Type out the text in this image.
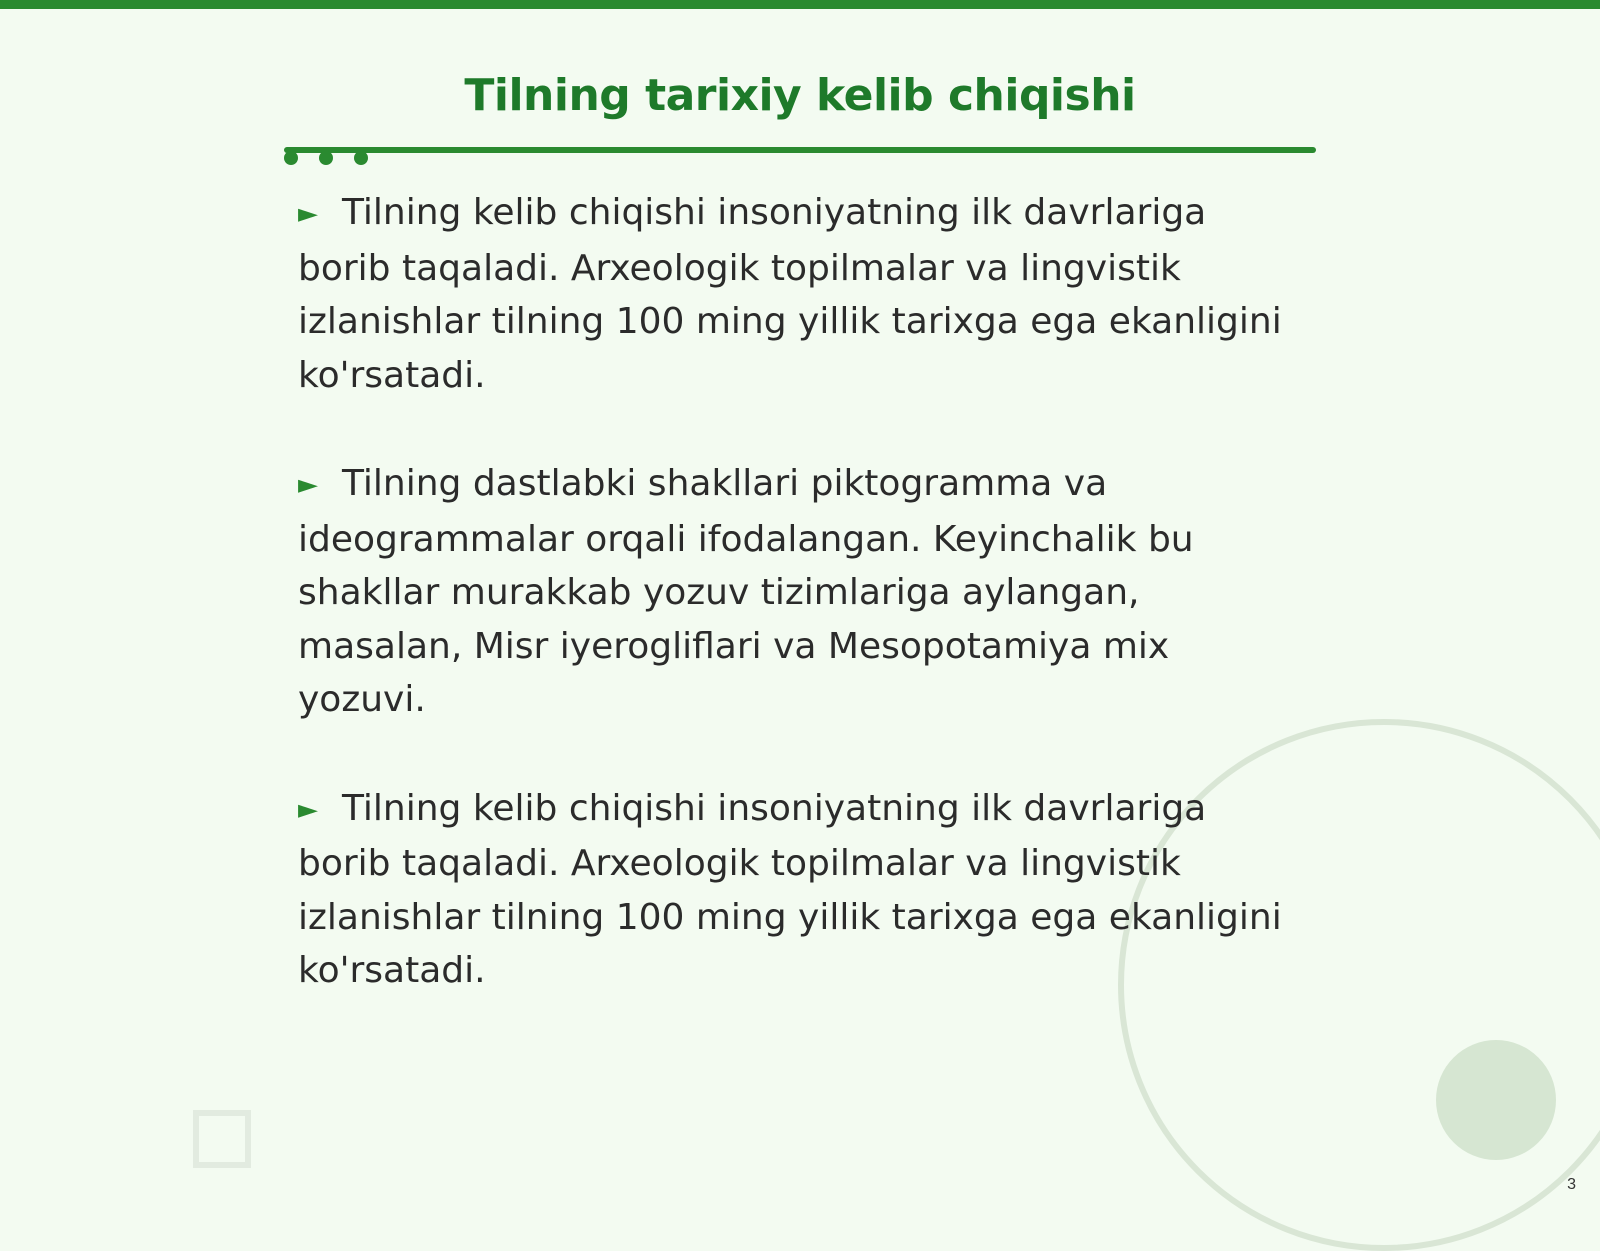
Tilning tarixiy kelib chiqishi

► Tilning kelib chiqishi insoniyatning ilk davrlariga borib taqaladi. Arxeologik topilmalar va lingvistik izlanishlar tilning 100 ming yillik tarixga ega ekanligini ko'rsatadi.

► Tilning dastlabki shakllari piktogramma va ideogrammalar orqali ifodalangan. Keyinchalik bu shakllar murakkab yozuv tizimlariga aylangan, masalan, Misr iyerogliflari va Mesopotamiya mix yozuvi.

► Tilning kelib chiqishi insoniyatning ilk davrlariga borib taqaladi. Arxeologik topilmalar va lingvistik izlanishlar tilning 100 ming yillik tarixga ega ekanligini ko'rsatadi.

3
